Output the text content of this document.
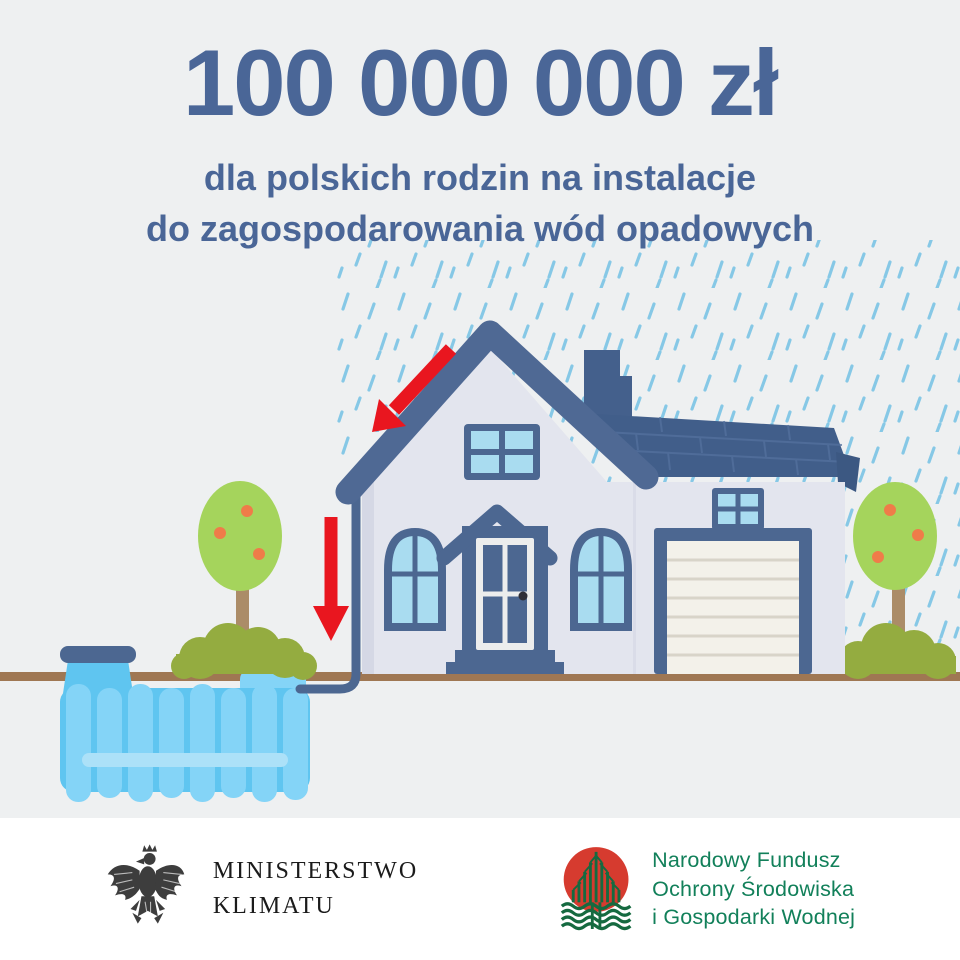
100 000 000 zł

dla polskich rodzin na instalacje
do zagospodarowania wód opadowych

MINISTERSTWO
KLIMATU
Narodowy Fundusz
Ochrony Środowiska
i Gospodarki Wodnej
